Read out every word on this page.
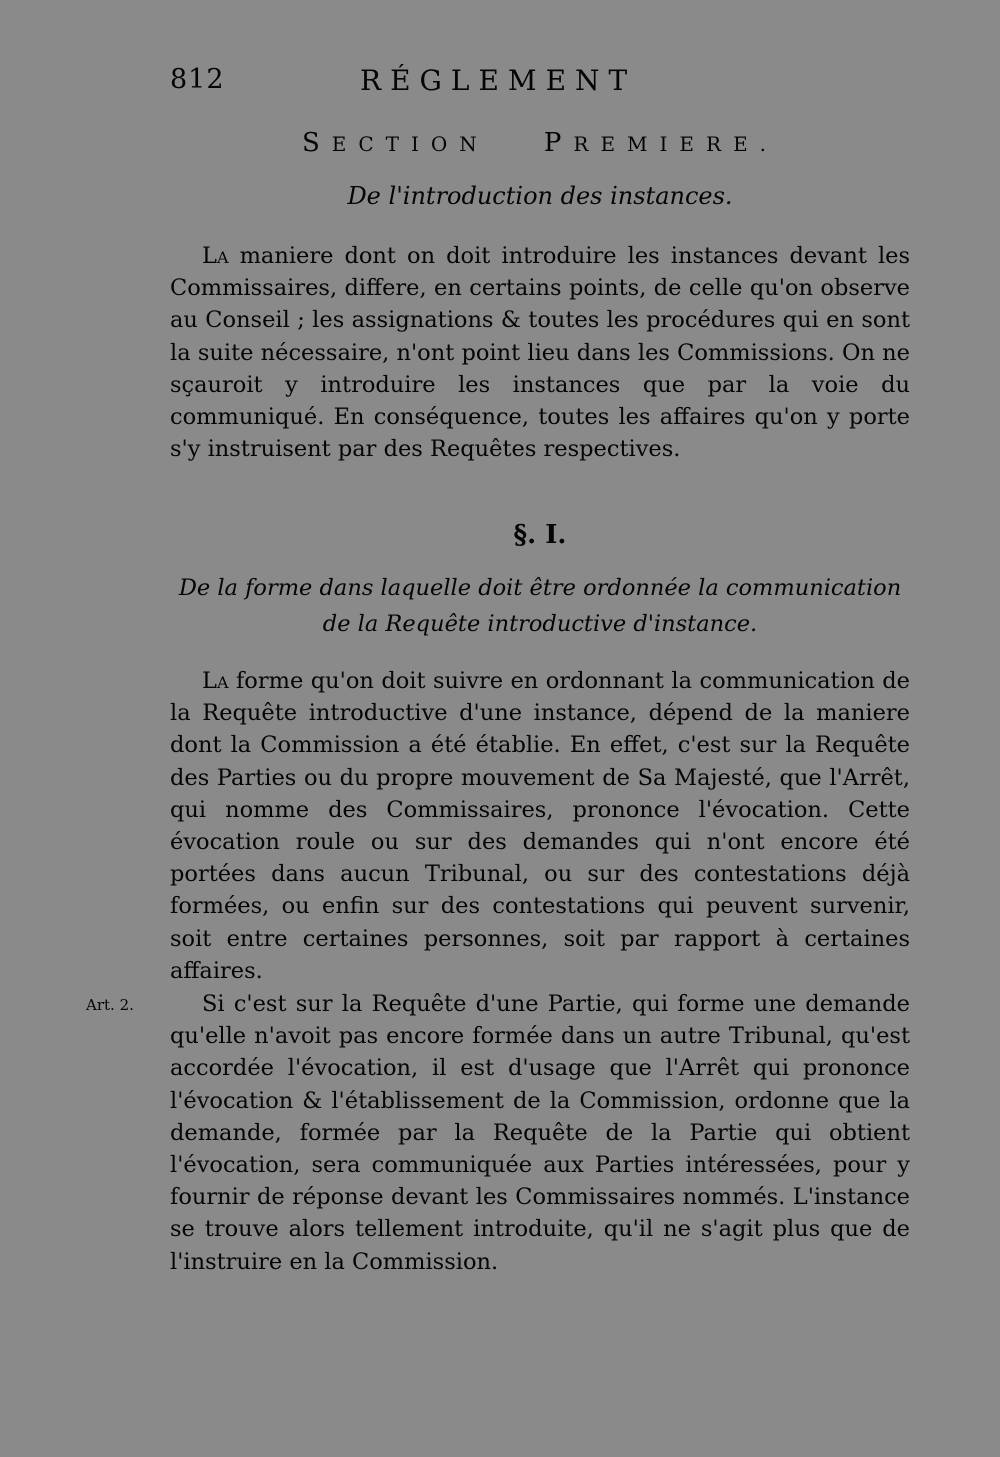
812	RÉGLEMENT
SECTION PREMIERE.
De l'introduction des instances.

La maniere dont on doit introduire les instances devant les Commissaires, differe, en certains points, de celle qu'on observe au Conseil ; les assignations & toutes les procédures qui en sont la suite nécessaire, n'ont point lieu dans les Commissions. On ne sçauroit y introduire les instances que par la voie du communiqué. En conséquence, toutes les affaires qu'on y porte s'y instruisent par des Requêtes respectives.

§. I.

De la forme dans laquelle doit être ordonnée la communication de la Requête introductive d'instance.

La forme qu'on doit suivre en ordonnant la communication de la Requête introductive d'une instance, dépend de la maniere dont la Commission a été établie. En effet, c'est sur la Requête des Parties ou du propre mouvement de Sa Majesté, que l'Arrêt, qui nomme des Commissaires, prononce l'évocation. Cette évocation roule ou sur des demandes qui n'ont encore été portées dans aucun Tribunal, ou sur des contestations déjà formées, ou enfin sur des contestations qui peuvent survenir, soit entre certaines personnes, soit par rapport à certaines affaires.

Art. 2.	Si c'est sur la Requête d'une Partie, qui forme une demande qu'elle n'avoit pas encore formée dans un autre Tribunal, qu'est accordée l'évocation, il est d'usage que l'Arrêt qui prononce l'évocation & l'établissement de la Commission, ordonne que la demande, formée par la Requête de la Partie qui obtient l'évocation, sera communiquée aux Parties intéressées, pour y fournir de réponse devant les Commissaires nommés. L'instance se trouve alors tellement introduite, qu'il ne s'agit plus que de l'instruire en la Commission.
